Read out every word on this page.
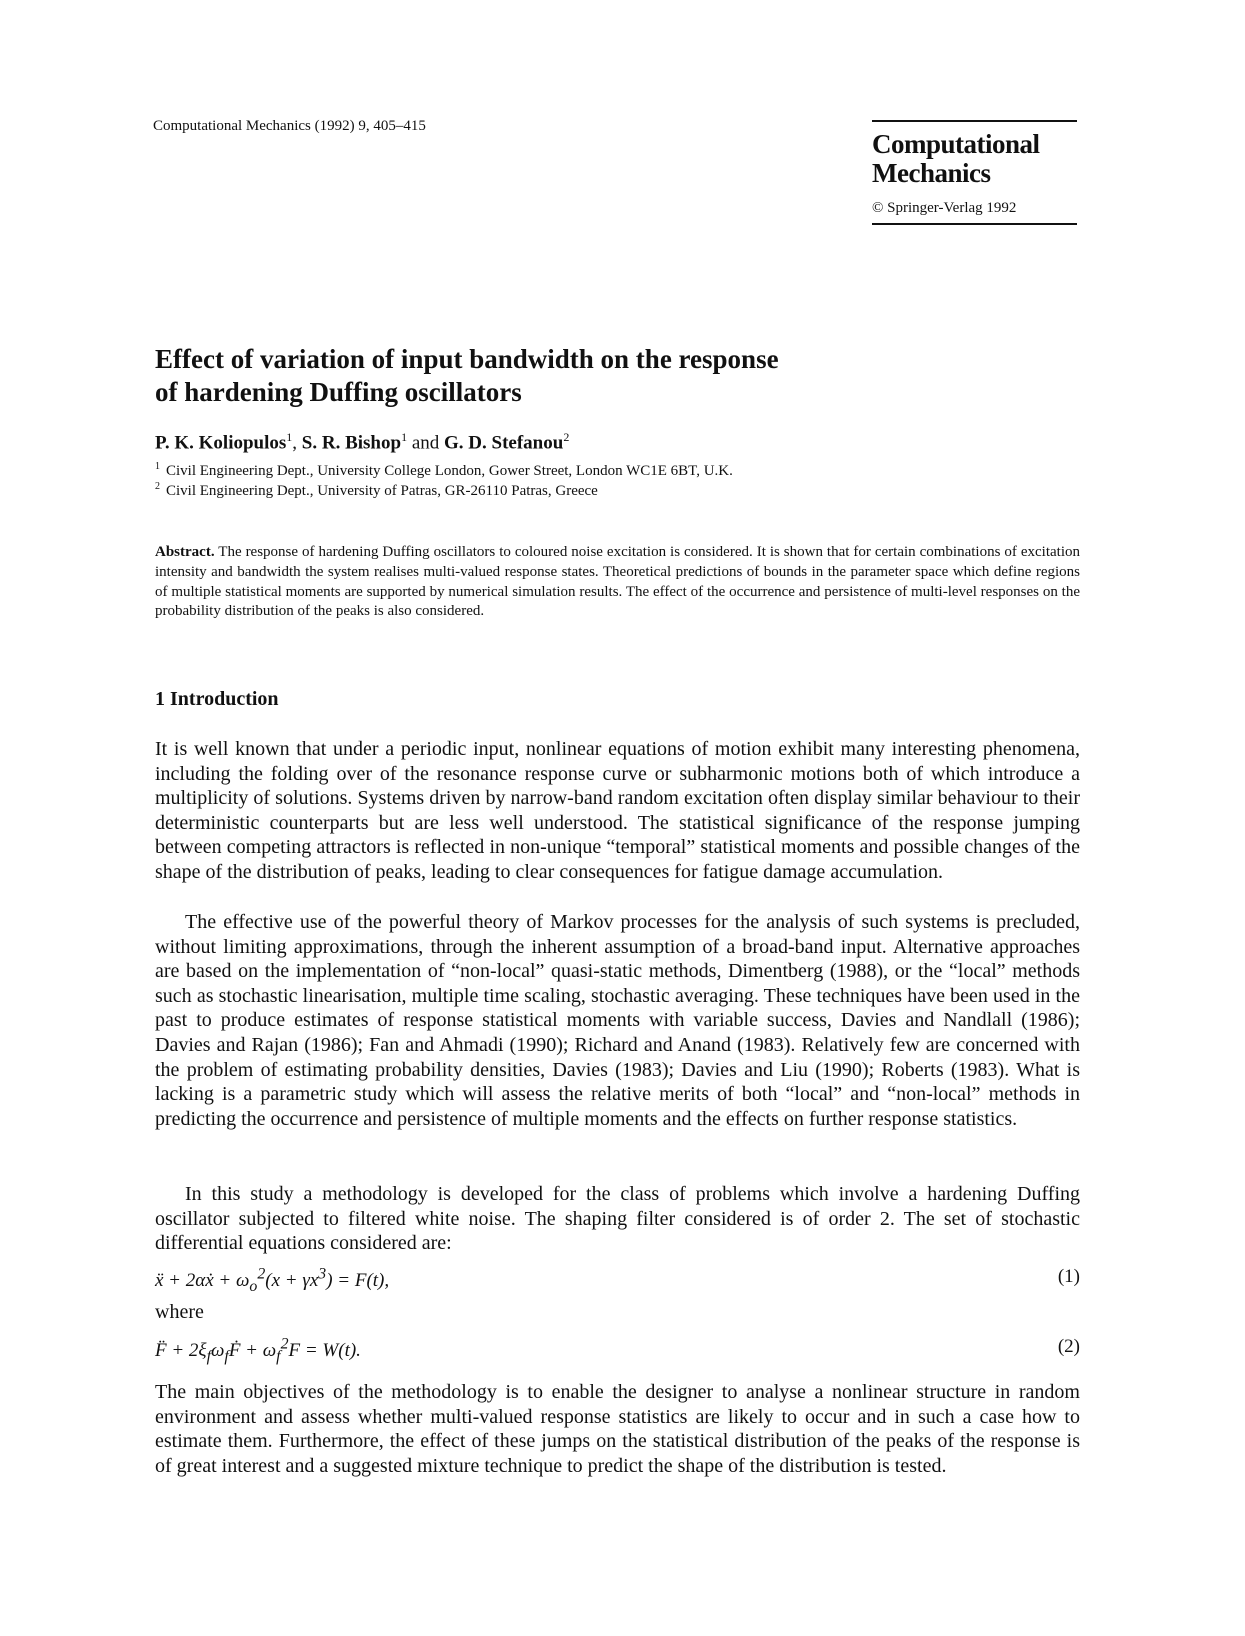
Computational Mechanics (1992) 9, 405–415
Computational
Mechanics
© Springer-Verlag 1992
Effect of variation of input bandwidth on the response
of hardening Duffing oscillators
P. K. Koliopulos$^1$, S. R. Bishop$^1$ and G. D. Stefanou$^2$
$^1$ Civil Engineering Dept., University College London, Gower Street, London WC1E 6BT, U.K.
$^2$ Civil Engineering Dept., University of Patras, GR-26110 Patras, Greece
Abstract. The response of hardening Duffing oscillators to coloured noise excitation is considered. It is shown that for certain combinations of excitation intensity and bandwidth the system realises multi-valued response states. Theoretical predictions of bounds in the parameter space which define regions of multiple statistical moments are supported by numerical simulation results. The effect of the occurrence and persistence of multi-level responses on the probability distribution of the peaks is also considered.
1 Introduction
It is well known that under a periodic input, nonlinear equations of motion exhibit many interesting phenomena, including the folding over of the resonance response curve or subharmonic motions both of which introduce a multiplicity of solutions. Systems driven by narrow-band random excitation often display similar behaviour to their deterministic counterparts but are less well understood. The statistical significance of the response jumping between competing attractors is reflected in non-unique “temporal” statistical moments and possible changes of the shape of the distribution of peaks, leading to clear consequences for fatigue damage accumulation.
The effective use of the powerful theory of Markov processes for the analysis of such systems is precluded, without limiting approximations, through the inherent assumption of a broad-band input. Alternative approaches are based on the implementation of “non-local” quasi-static methods, Dimentberg (1988), or the “local” methods such as stochastic linearisation, multiple time scaling, stochastic averaging. These techniques have been used in the past to produce estimates of response statistical moments with variable success, Davies and Nandlall (1986); Davies and Rajan (1986); Fan and Ahmadi (1990); Richard and Anand (1983). Relatively few are concerned with the problem of estimating probability densities, Davies (1983); Davies and Liu (1990); Roberts (1983). What is lacking is a parametric study which will assess the relative merits of both “local” and “non-local” methods in predicting the occurrence and persistence of multiple moments and the effects on further response statistics.
In this study a methodology is developed for the class of problems which involve a hardening Duffing oscillator subjected to filtered white noise. The shaping filter considered is of order 2. The set of stochastic differential equations considered are:
ẍ + 2αẋ + $\omega_o^2(x + \gamma x^3) = F(t)$,	(1)
where
F̈ + $2\xi_f\omega_fḞ + \omega_f^2F = W(t)$.	(2)
The main objectives of the methodology is to enable the designer to analyse a nonlinear structure in random environment and assess whether multi-valued response statistics are likely to occur and in such a case how to estimate them. Furthermore, the effect of these jumps on the statistical distribution of the peaks of the response is of great interest and a suggested mixture technique to predict the shape of the distribution is tested.
